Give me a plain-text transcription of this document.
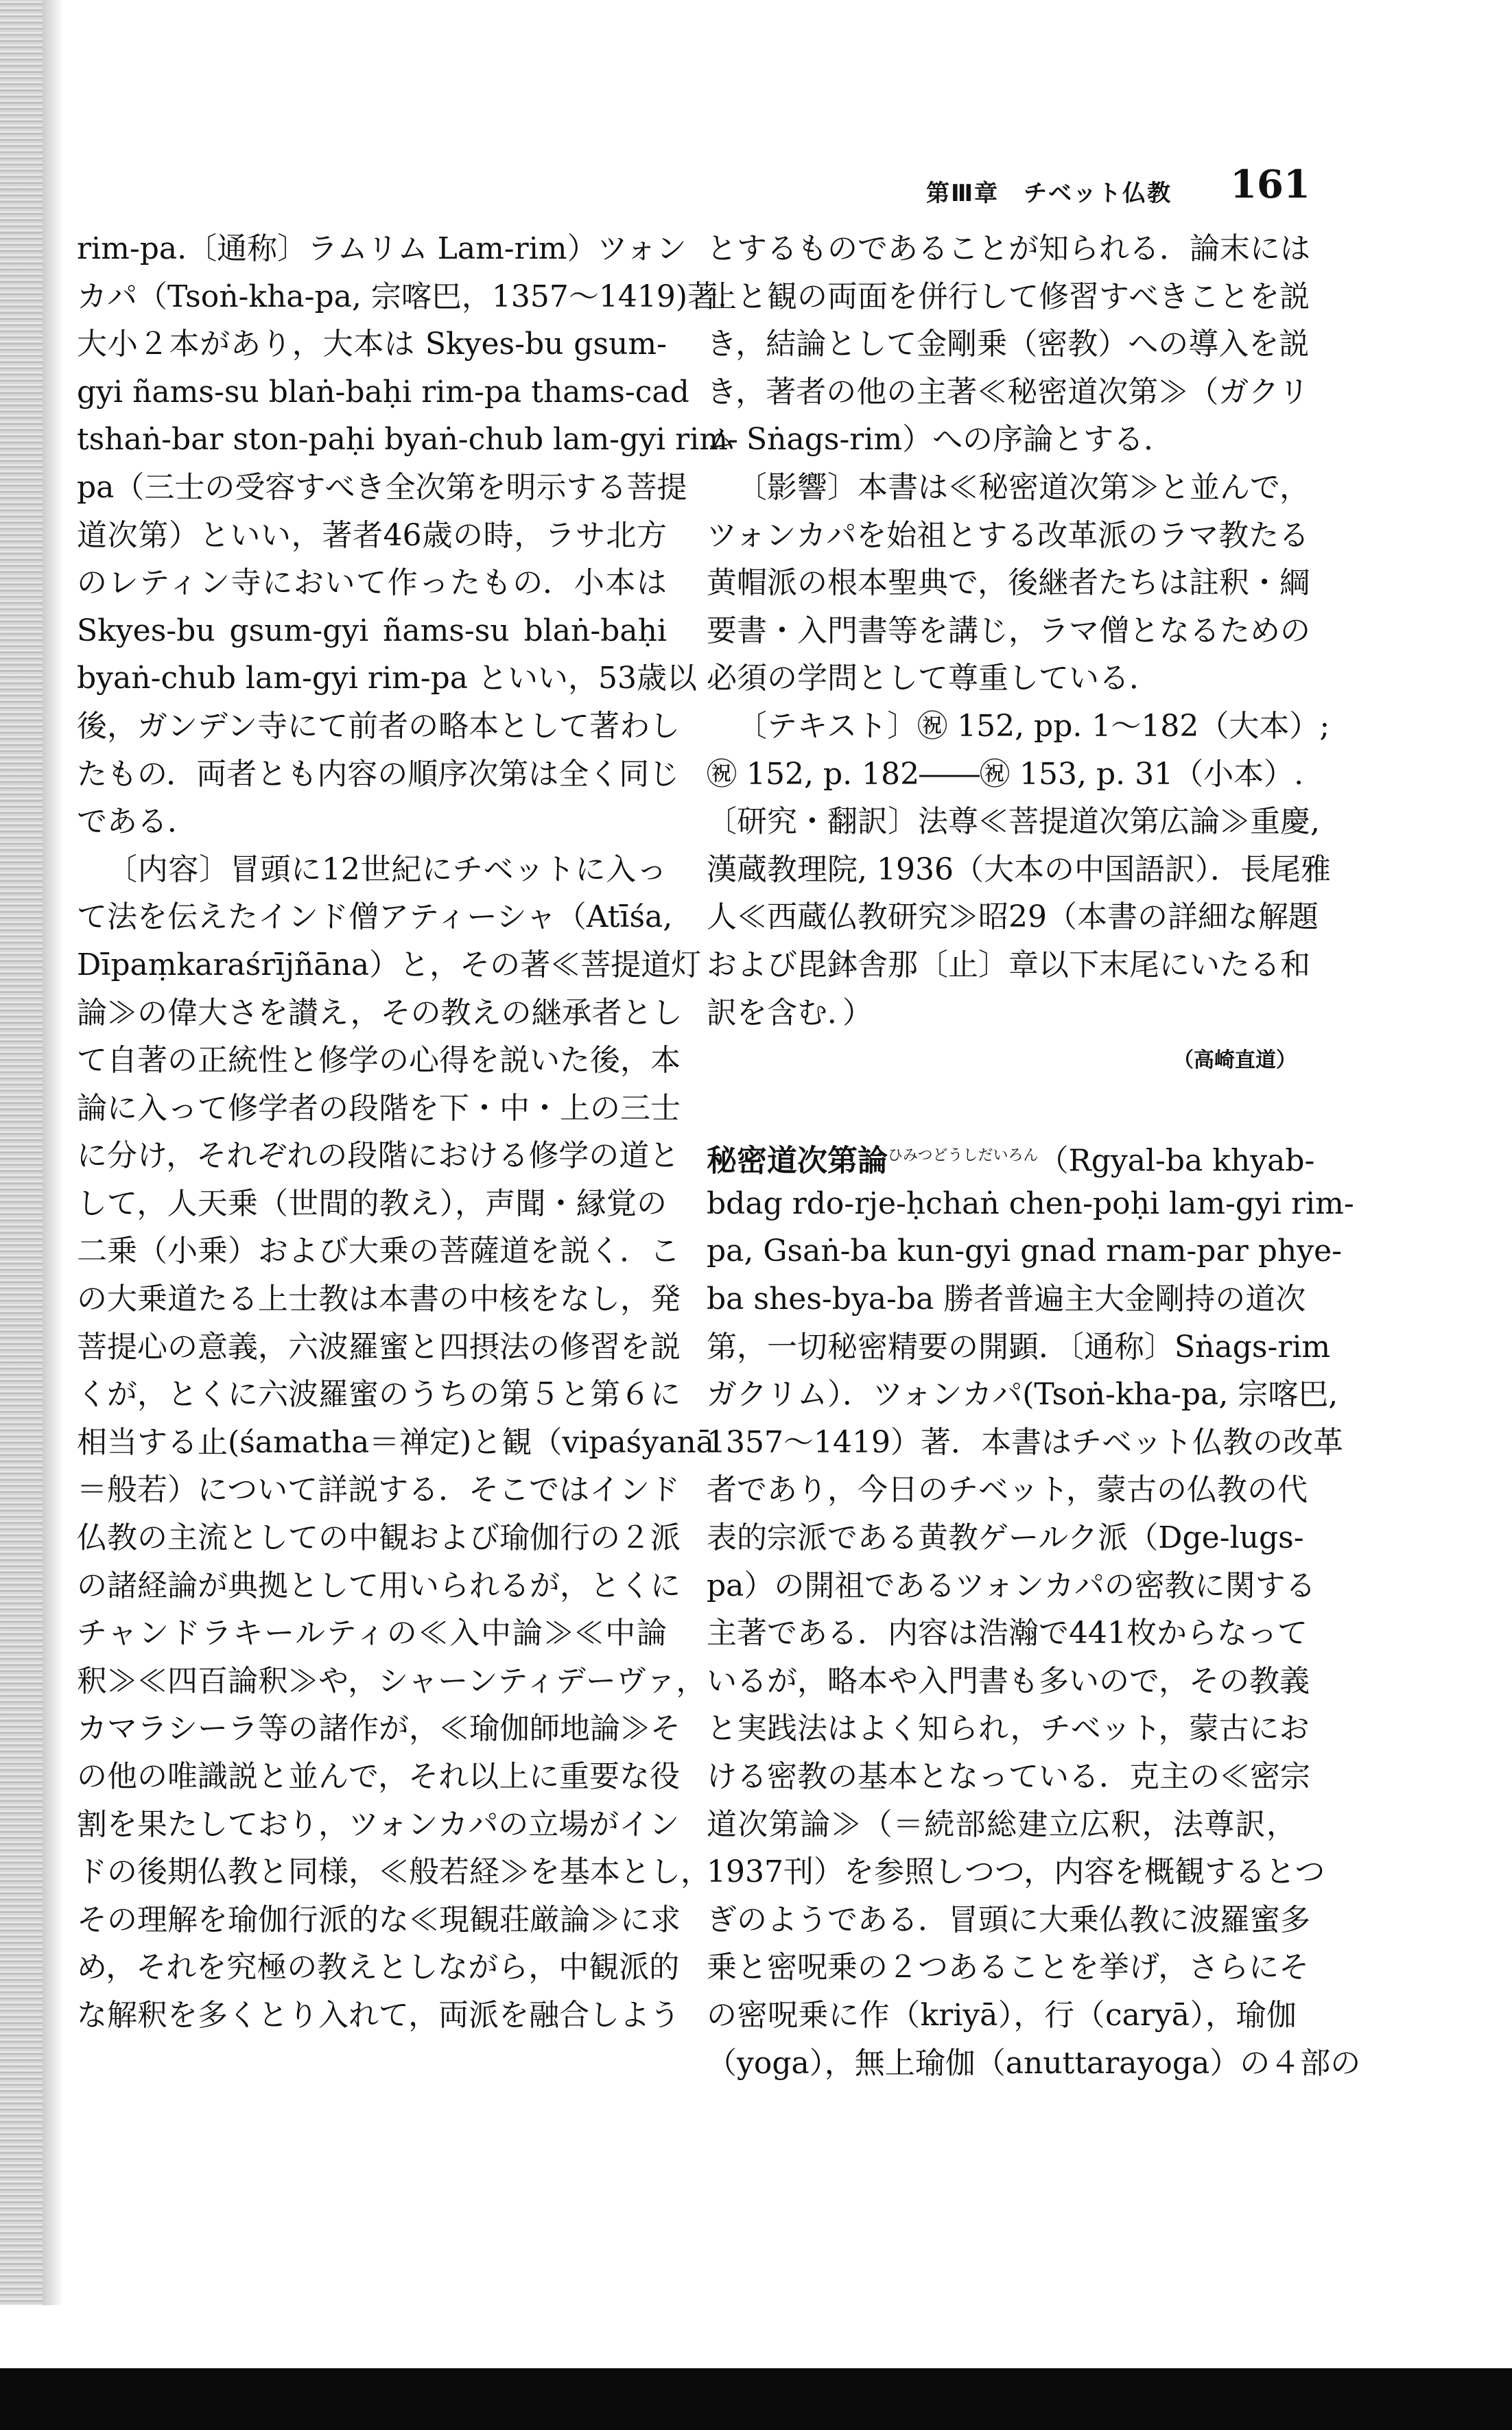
第Ⅲ章　チベット仏教 161
rim-pa.〔通称〕ラムリム Lam-rim）ツォン
カパ（Tsoṅ-kha-pa, 宗喀巴，1357～1419)著.
大小２本があり，大本は Skyes-bu gsum-
gyi ñams-su blaṅ-baḥi rim-pa thams-cad
tshaṅ-bar ston-paḥi byaṅ-chub lam-gyi rim-
pa（三士の受容すべき全次第を明示する菩提
道次第）といい，著者46歳の時，ラサ北方
のレティン寺において作ったもの．小本は
Skyes-bu gsum-gyi ñams-su blaṅ-baḥi
byaṅ-chub lam-gyi rim-pa といい，53歳以
後，ガンデン寺にて前者の略本として著わし
たもの．両者とも内容の順序次第は全く同じ
である．
〔内容〕冒頭に12世紀にチベットに入っ
て法を伝えたインド僧アティーシャ（Atīśa,
Dīpaṃkaraśrījñāna）と，その著≪菩提道灯
論≫の偉大さを讃え，その教えの継承者とし
て自著の正統性と修学の心得を説いた後，本
論に入って修学者の段階を下・中・上の三士
に分け，それぞれの段階における修学の道と
して，人天乗（世間的教え），声聞・縁覚の
二乗（小乗）および大乗の菩薩道を説く．こ
の大乗道たる上士教は本書の中核をなし，発
菩提心の意義，六波羅蜜と四摂法の修習を説
くが，とくに六波羅蜜のうちの第５と第６に
相当する止(śamatha＝禅定)と観（vipaśyanā
＝般若）について詳説する．そこではインド
仏教の主流としての中観および瑜伽行の２派
の諸経論が典拠として用いられるが，とくに
チャンドラキールティの≪入中論≫≪中論
釈≫≪四百論釈≫や，シャーンティデーヴァ，
カマラシーラ等の諸作が，≪瑜伽師地論≫そ
の他の唯識説と並んで，それ以上に重要な役
割を果たしており，ツォンカパの立場がイン
ドの後期仏教と同様，≪般若経≫を基本とし，
その理解を瑜伽行派的な≪現観荘厳論≫に求
め，それを究極の教えとしながら，中観派的
な解釈を多くとり入れて，両派を融合しよう
とするものであることが知られる．論末には
止と観の両面を併行して修習すべきことを説
き，結論として金剛乗（密教）への導入を説
き，著者の他の主著≪秘密道次第≫（ガクリ
ム Sṅags-rim）への序論とする．
〔影響〕本書は≪秘密道次第≫と並んで，
ツォンカパを始祖とする改革派のラマ教たる
黄帽派の根本聖典で，後継者たちは註釈・綱
要書・入門書等を講じ，ラマ僧となるための
必須の学問として尊重している．
〔テキスト〕㊗ 152, pp. 1～182（大本）;
㊗ 152, p. 182――㊗ 153, p. 31（小本）.
〔研究・翻訳〕法尊≪菩提道次第広論≫重慶,
漢蔵教理院, 1936（大本の中国語訳）．長尾雅
人≪西蔵仏教研究≫昭29（本書の詳細な解題
および毘鉢舎那〔止〕章以下末尾にいたる和
訳を含む．）
（高崎直道）
秘密道次第論$^{ひみつどうしだいろん}$（Rgyal-ba khyab-
bdag rdo-rje-ḥchaṅ chen-poḥi lam-gyi rim-
pa, Gsaṅ-ba kun-gyi gnad rnam-par phye-
ba shes-bya-ba 勝者普遍主大金剛持の道次
第，一切秘密精要の開顕．〔通称〕Sṅags-rim
ガクリム）．ツォンカパ(Tsoṅ-kha-pa, 宗喀巴,
1357～1419）著．本書はチベット仏教の改革
者であり，今日のチベット，蒙古の仏教の代
表的宗派である黄教ゲールク派（Dge-lugs-
pa）の開祖であるツォンカパの密教に関する
主著である．内容は浩瀚で441枚からなって
いるが，略本や入門書も多いので，その教義
と実践法はよく知られ，チベット，蒙古にお
ける密教の基本となっている．克主の≪密宗
道次第論≫（＝続部総建立広釈，法尊訳，
1937刊）を参照しつつ，内容を概観するとつ
ぎのようである．冒頭に大乗仏教に波羅蜜多
乗と密呪乗の２つあることを挙げ，さらにそ
の密呪乗に作（kriyā），行（caryā），瑜伽
（yoga），無上瑜伽（anuttarayoga）の４部の
